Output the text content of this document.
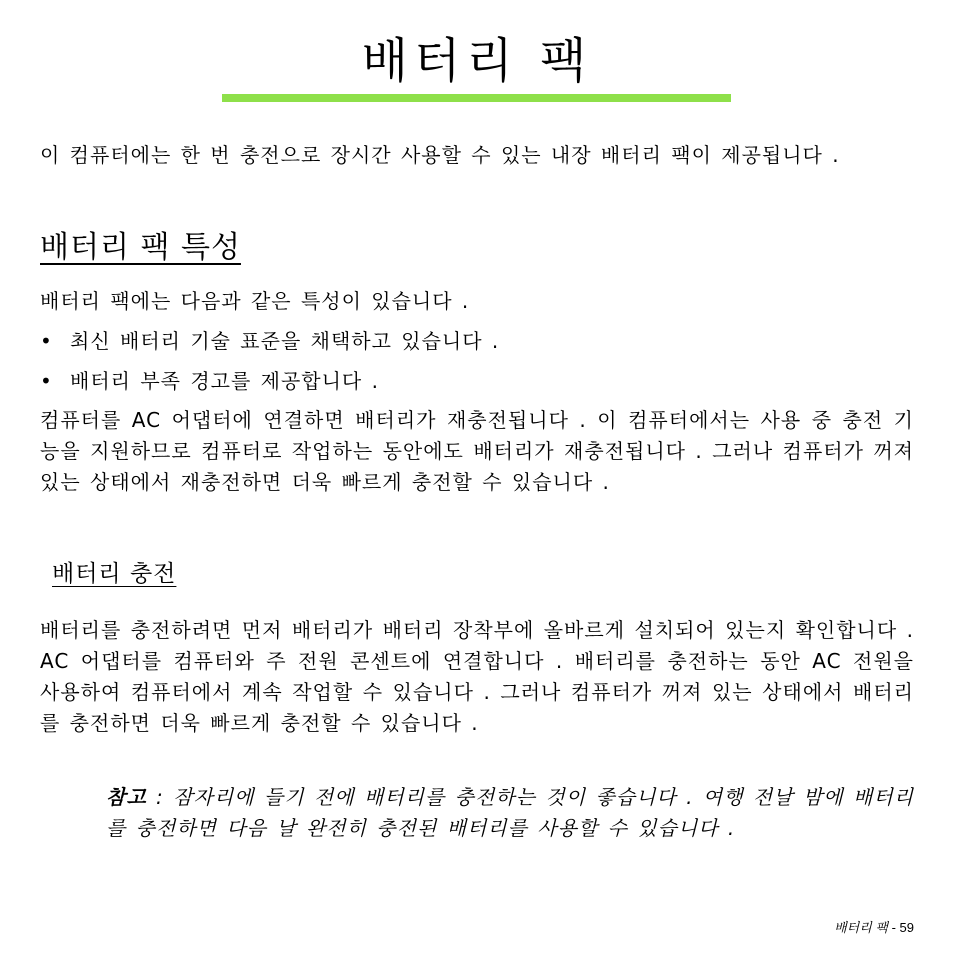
배터리 팩

이 컴퓨터에는 한 번 충전으로 장시간 사용할 수 있는 내장 배터리 팩이 제공됩니다 .

배터리 팩 특성

배터리 팩에는 다음과 같은 특성이 있습니다 .

• 최신 배터리 기술 표준을 채택하고 있습니다 .
• 배터리 부족 경고를 제공합니다 .

컴퓨터를 AC 어댑터에 연결하면 배터리가 재충전됩니다 . 이 컴퓨터에서는 사용 중 충전 기능을 지원하므로 컴퓨터로 작업하는 동안에도 배터리가 재충전됩니다 . 그러나 컴퓨터가 꺼져 있는 상태에서 재충전하면 더욱 빠르게 충전할 수 있습니다 .

배터리 충전

배터리를 충전하려면 먼저 배터리가 배터리 장착부에 올바르게 설치되어 있는지 확인합니다 . AC 어댑터를 컴퓨터와 주 전원 콘센트에 연결합니다 . 배터리를 충전하는 동안 AC 전원을 사용하여 컴퓨터에서 계속 작업할 수 있습니다 . 그러나 컴퓨터가 꺼져 있는 상태에서 배터리를 충전하면 더욱 빠르게 충전할 수 있습니다 .

참고 : 잠자리에 들기 전에 배터리를 충전하는 것이 좋습니다 . 여행 전날 밤에 배터리를 충전하면 다음 날 완전히 충전된 배터리를 사용할 수 있습니다 .

배터리 팩 - 59
